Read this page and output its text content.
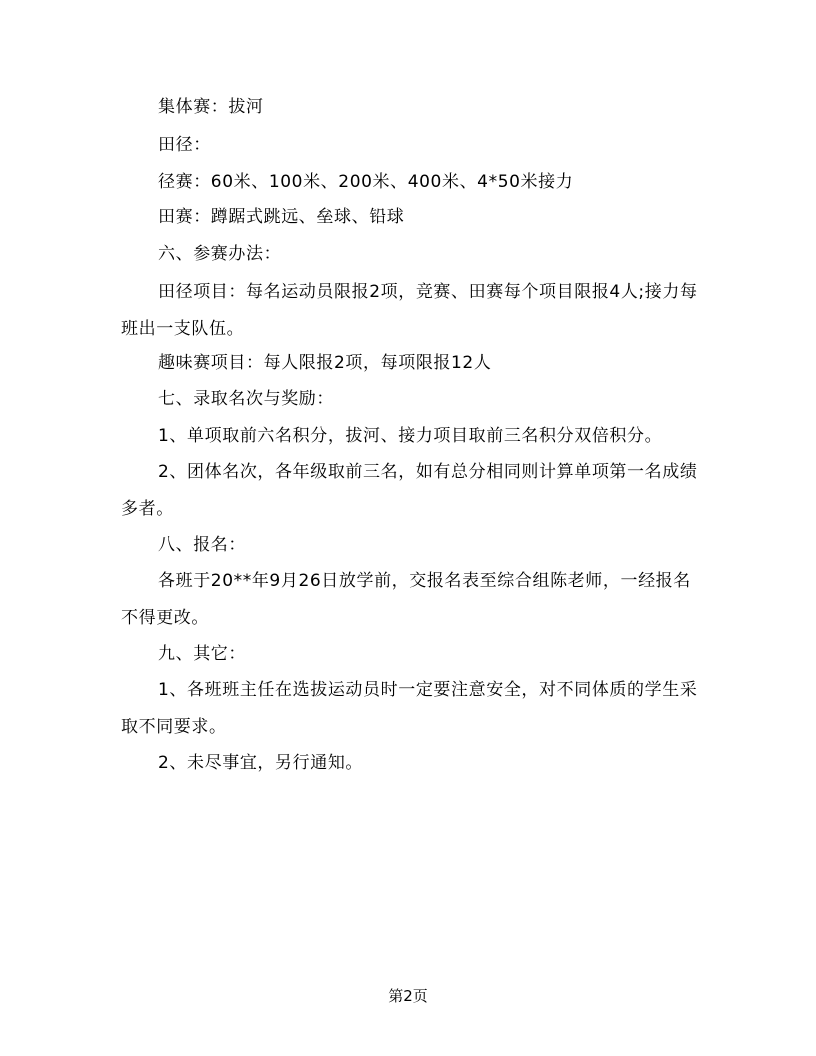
集体赛：拔河

田径：

径赛：60米、100米、200米、400米、4*50米接力

田赛：蹲踞式跳远、垒球、铅球

六、参赛办法：

田径项目：每名运动员限报2项，竞赛、田赛每个项目限报4人;接力每班出一支队伍。

趣味赛项目：每人限报2项，每项限报12人

七、录取名次与奖励：

1、单项取前六名积分，拔河、接力项目取前三名积分双倍积分。

2、团体名次，各年级取前三名，如有总分相同则计算单项第一名成绩多者。

八、报名：

各班于20**年9月26日放学前，交报名表至综合组陈老师，一经报名不得更改。

九、其它：

1、各班班主任在选拔运动员时一定要注意安全，对不同体质的学生采取不同要求。

2、未尽事宜，另行通知。

第2页
